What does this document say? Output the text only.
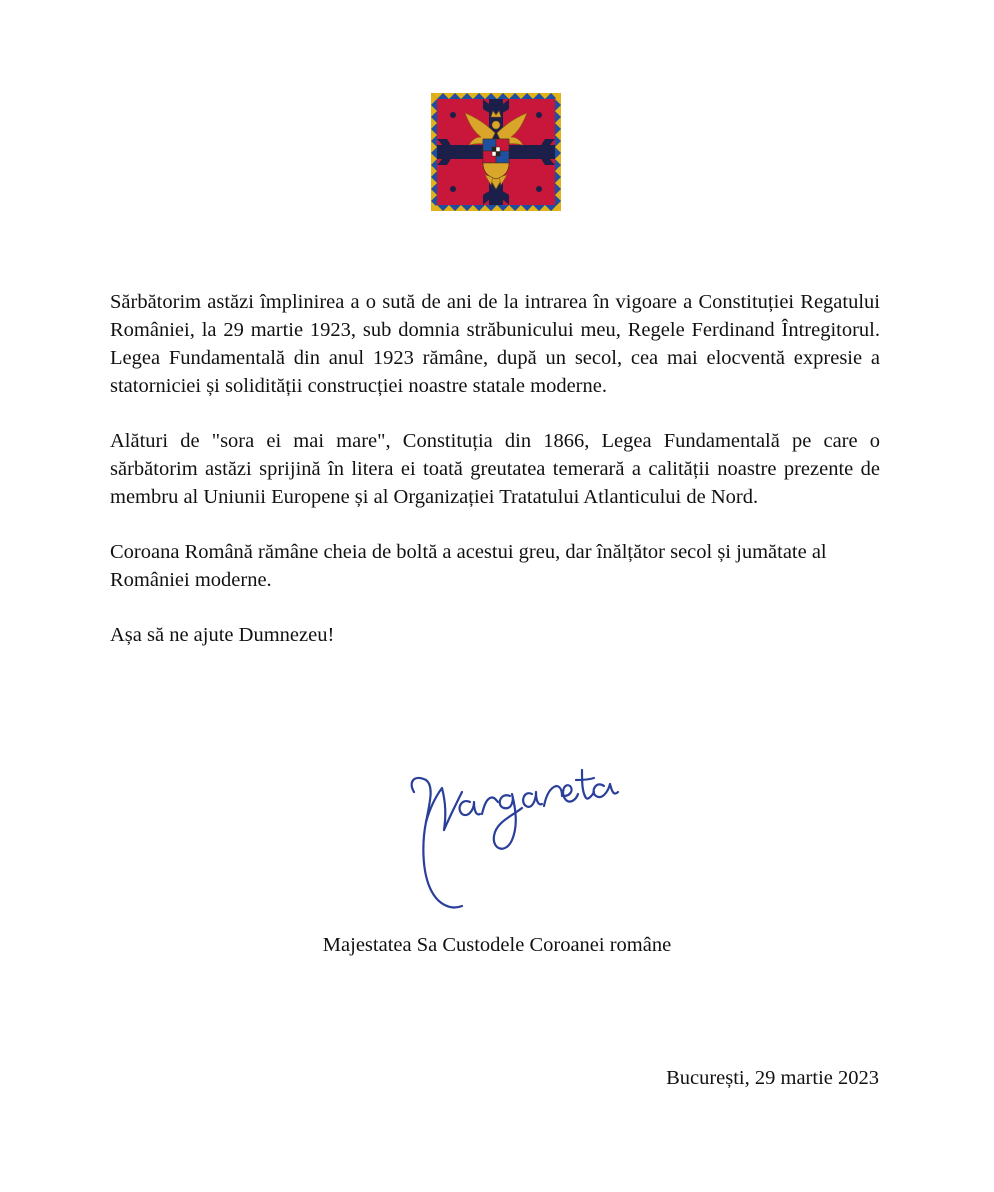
Sărbătorim astăzi împlinirea a o sută de ani de la intrarea în vigoare a Constituției Regatului României, la 29 martie 1923, sub domnia străbunicului meu, Regele Ferdinand Întregitorul. Legea Fundamentală din anul 1923 rămâne, după un secol, cea mai elocventă expresie a statorniciei și solidității construcției noastre statale moderne.

Alături de "sora ei mai mare", Constituția din 1866, Legea Fundamentală pe care o sărbătorim astăzi sprijină în litera ei toată greutatea temerară a calității noastre prezente de membru al Uniunii Europene și al Organizației Tratatului Atlanticului de Nord.

Coroana Română rămâne cheia de boltă a acestui greu, dar înălțător secol și jumătate al României moderne.

Așa să ne ajute Dumnezeu!

Majestatea Sa Custodele Coroanei române
București, 29 martie 2023
